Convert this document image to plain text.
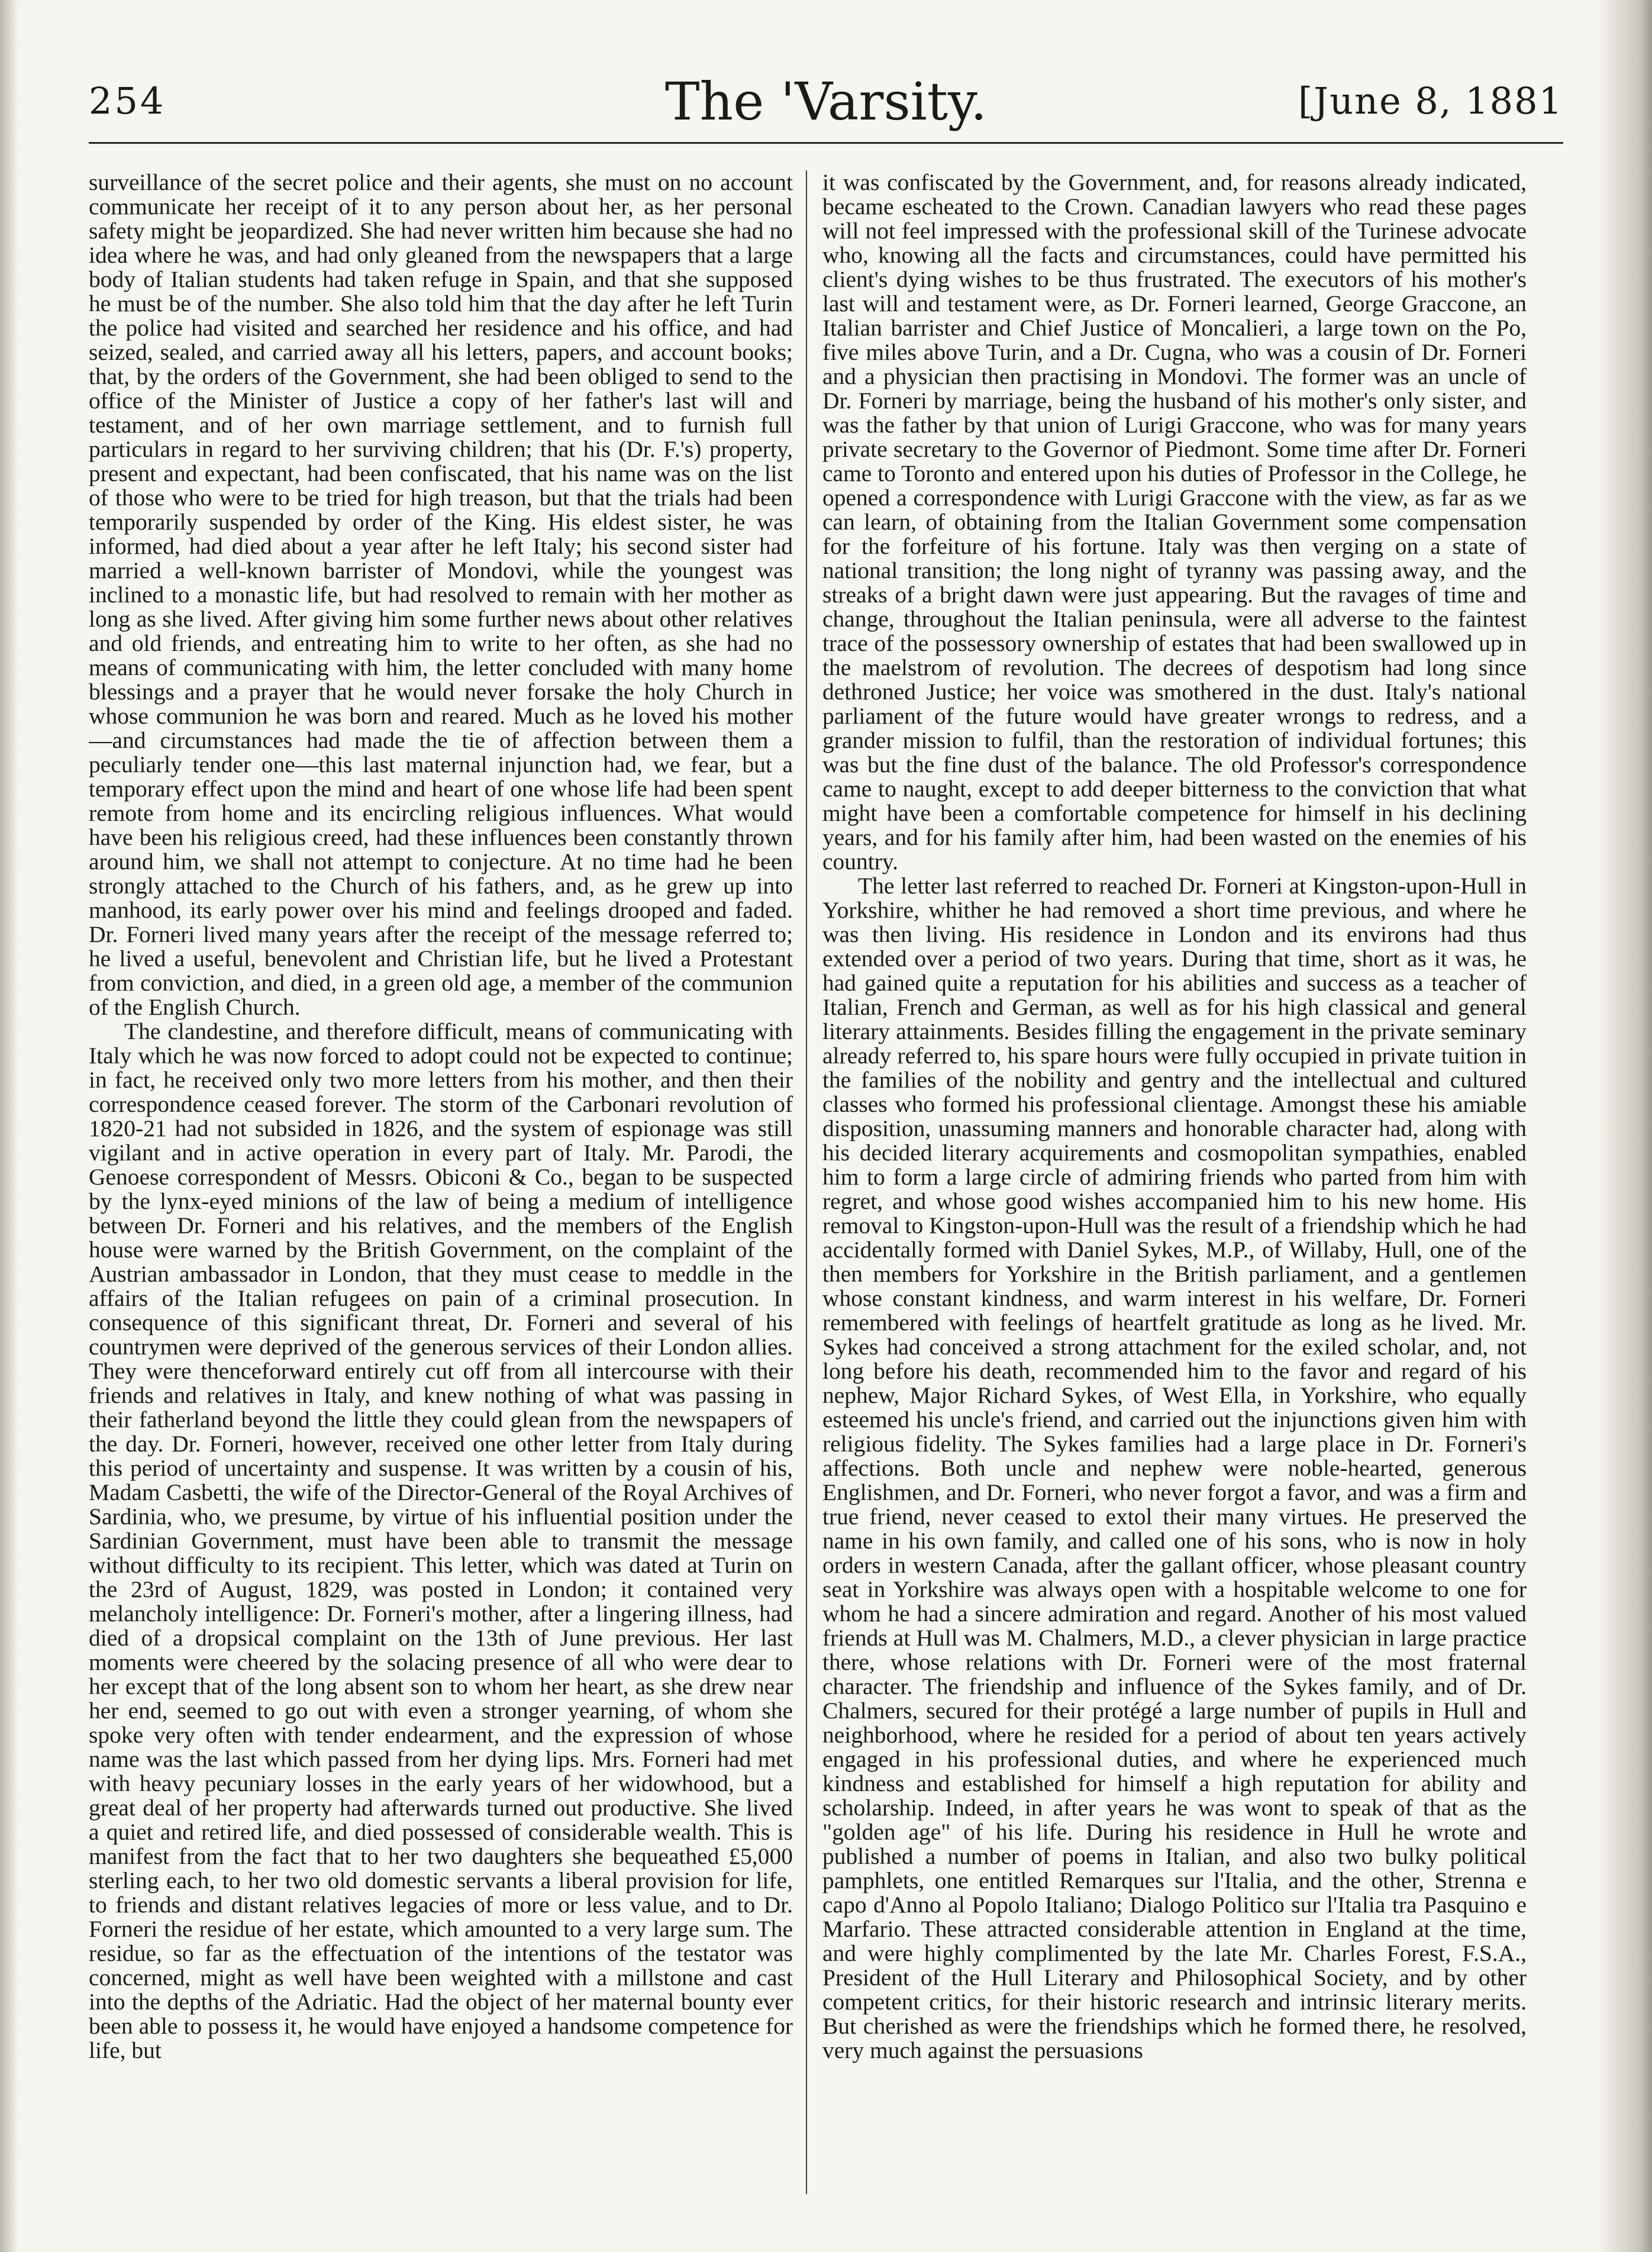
254	The 'Varsity.	[June 8, 1881

surveillance of the secret police and their agents, she must on no account communicate her receipt of it to any person about her, as her personal safety might be jeopardized. She had never written him because she had no idea where he was, and had only gleaned from the newspapers that a large body of Italian students had taken refuge in Spain, and that she supposed he must be of the number. She also told him that the day after he left Turin the police had visited and searched her residence and his office, and had seized, sealed, and carried away all his letters, papers, and account books; that, by the orders of the Government, she had been obliged to send to the office of the Minister of Justice a copy of her father's last will and testament, and of her own marriage settlement, and to furnish full particulars in regard to her surviving children; that his (Dr. F.'s) property, present and expectant, had been confiscated, that his name was on the list of those who were to be tried for high treason, but that the trials had been temporarily suspended by order of the King. His eldest sister, he was informed, had died about a year after he left Italy; his second sister had married a well-known barrister of Mondovi, while the youngest was inclined to a monastic life, but had resolved to remain with her mother as long as she lived. After giving him some further news about other relatives and old friends, and entreating him to write to her often, as she had no means of communicating with him, the letter concluded with many home blessings and a prayer that he would never forsake the holy Church in whose communion he was born and reared. Much as he loved his mother—and circumstances had made the tie of affection between them a peculiarly tender one—this last maternal injunction had, we fear, but a temporary effect upon the mind and heart of one whose life had been spent remote from home and its encircling religious influences. What would have been his religious creed, had these influences been constantly thrown around him, we shall not attempt to conjecture. At no time had he been strongly attached to the Church of his fathers, and, as he grew up into manhood, its early power over his mind and feelings drooped and faded. Dr. Forneri lived many years after the receipt of the message referred to; he lived a useful, benevolent and Christian life, but he lived a Protestant from conviction, and died, in a green old age, a member of the communion of the English Church.

The clandestine, and therefore difficult, means of communicating with Italy which he was now forced to adopt could not be expected to continue; in fact, he received only two more letters from his mother, and then their correspondence ceased forever. The storm of the Carbonari revolution of 1820-21 had not subsided in 1826, and the system of espionage was still vigilant and in active operation in every part of Italy. Mr. Parodi, the Genoese correspondent of Messrs. Obiconi & Co., began to be suspected by the lynx-eyed minions of the law of being a medium of intelligence between Dr. Forneri and his relatives, and the members of the English house were warned by the British Government, on the complaint of the Austrian ambassador in London, that they must cease to meddle in the affairs of the Italian refugees on pain of a criminal prosecution. In consequence of this significant threat, Dr. Forneri and several of his countrymen were deprived of the generous services of their London allies. They were thenceforward entirely cut off from all intercourse with their friends and relatives in Italy, and knew nothing of what was passing in their fatherland beyond the little they could glean from the newspapers of the day. Dr. Forneri, however, received one other letter from Italy during this period of uncertainty and suspense. It was written by a cousin of his, Madam Casbetti, the wife of the Director-General of the Royal Archives of Sardinia, who, we presume, by virtue of his influential position under the Sardinian Government, must have been able to transmit the message without difficulty to its recipient. This letter, which was dated at Turin on the 23rd of August, 1829, was posted in London; it contained very melancholy intelligence: Dr. Forneri's mother, after a lingering illness, had died of a dropsical complaint on the 13th of June previous. Her last moments were cheered by the solacing presence of all who were dear to her except that of the long absent son to whom her heart, as she drew near her end, seemed to go out with even a stronger yearning, of whom she spoke very often with tender endearment, and the expression of whose name was the last which passed from her dying lips. Mrs. Forneri had met with heavy pecuniary losses in the early years of her widowhood, but a great deal of her property had afterwards turned out productive. She lived a quiet and retired life, and died possessed of considerable wealth. This is manifest from the fact that to her two daughters she bequeathed £5,000 sterling each, to her two old domestic servants a liberal provision for life, to friends and distant relatives legacies of more or less value, and to Dr. Forneri the residue of her estate, which amounted to a very large sum. The residue, so far as the effectuation of the intentions of the testator was concerned, might as well have been weighted with a millstone and cast into the depths of the Adriatic. Had the object of her maternal bounty ever been able to possess it, he would have enjoyed a handsome competence for life, but

it was confiscated by the Government, and, for reasons already indicated, became escheated to the Crown. Canadian lawyers who read these pages will not feel impressed with the professional skill of the Turinese advocate who, knowing all the facts and circumstances, could have permitted his client's dying wishes to be thus frustrated. The executors of his mother's last will and testament were, as Dr. Forneri learned, George Graccone, an Italian barrister and Chief Justice of Moncalieri, a large town on the Po, five miles above Turin, and a Dr. Cugna, who was a cousin of Dr. Forneri and a physician then practising in Mondovi. The former was an uncle of Dr. Forneri by marriage, being the husband of his mother's only sister, and was the father by that union of Lurigi Graccone, who was for many years private secretary to the Governor of Piedmont. Some time after Dr. Forneri came to Toronto and entered upon his duties of Professor in the College, he opened a correspondence with Lurigi Graccone with the view, as far as we can learn, of obtaining from the Italian Government some compensation for the forfeiture of his fortune. Italy was then verging on a state of national transition; the long night of tyranny was passing away, and the streaks of a bright dawn were just appearing. But the ravages of time and change, throughout the Italian peninsula, were all adverse to the faintest trace of the possessory ownership of estates that had been swallowed up in the maelstrom of revolution. The decrees of despotism had long since dethroned Justice; her voice was smothered in the dust. Italy's national parliament of the future would have greater wrongs to redress, and a grander mission to fulfil, than the restoration of individual fortunes; this was but the fine dust of the balance. The old Professor's correspondence came to naught, except to add deeper bitterness to the conviction that what might have been a comfortable competence for himself in his declining years, and for his family after him, had been wasted on the enemies of his country.

The letter last referred to reached Dr. Forneri at Kingston-upon-Hull in Yorkshire, whither he had removed a short time previous, and where he was then living. His residence in London and its environs had thus extended over a period of two years. During that time, short as it was, he had gained quite a reputation for his abilities and success as a teacher of Italian, French and German, as well as for his high classical and general literary attainments. Besides filling the engagement in the private seminary already referred to, his spare hours were fully occupied in private tuition in the families of the nobility and gentry and the intellectual and cultured classes who formed his professional clientage. Amongst these his amiable disposition, unassuming manners and honorable character had, along with his decided literary acquirements and cosmopolitan sympathies, enabled him to form a large circle of admiring friends who parted from him with regret, and whose good wishes accompanied him to his new home. His removal to Kingston-upon-Hull was the result of a friendship which he had accidentally formed with Daniel Sykes, M.P., of Willaby, Hull, one of the then members for Yorkshire in the British parliament, and a gentlemen whose constant kindness, and warm interest in his welfare, Dr. Forneri remembered with feelings of heartfelt gratitude as long as he lived. Mr. Sykes had conceived a strong attachment for the exiled scholar, and, not long before his death, recommended him to the favor and regard of his nephew, Major Richard Sykes, of West Ella, in Yorkshire, who equally esteemed his uncle's friend, and carried out the injunctions given him with religious fidelity. The Sykes families had a large place in Dr. Forneri's affections. Both uncle and nephew were noble-hearted, generous Englishmen, and Dr. Forneri, who never forgot a favor, and was a firm and true friend, never ceased to extol their many virtues. He preserved the name in his own family, and called one of his sons, who is now in holy orders in western Canada, after the gallant officer, whose pleasant country seat in Yorkshire was always open with a hospitable welcome to one for whom he had a sincere admiration and regard. Another of his most valued friends at Hull was M. Chalmers, M.D., a clever physician in large practice there, whose relations with Dr. Forneri were of the most fraternal character. The friendship and influence of the Sykes family, and of Dr. Chalmers, secured for their protégé a large number of pupils in Hull and neighborhood, where he resided for a period of about ten years actively engaged in his professional duties, and where he experienced much kindness and established for himself a high reputation for ability and scholarship. Indeed, in after years he was wont to speak of that as the "golden age" of his life. During his residence in Hull he wrote and published a number of poems in Italian, and also two bulky political pamphlets, one entitled Remarques sur l'Italia, and the other, Strenna e capo d'Anno al Popolo Italiano; Dialogo Politico sur l'Italia tra Pasquino e Marfario. These attracted considerable attention in England at the time, and were highly complimented by the late Mr. Charles Forest, F.S.A., President of the Hull Literary and Philosophical Society, and by other competent critics, for their historic research and intrinsic literary merits. But cherished as were the friendships which he formed there, he resolved, very much against the persuasions
